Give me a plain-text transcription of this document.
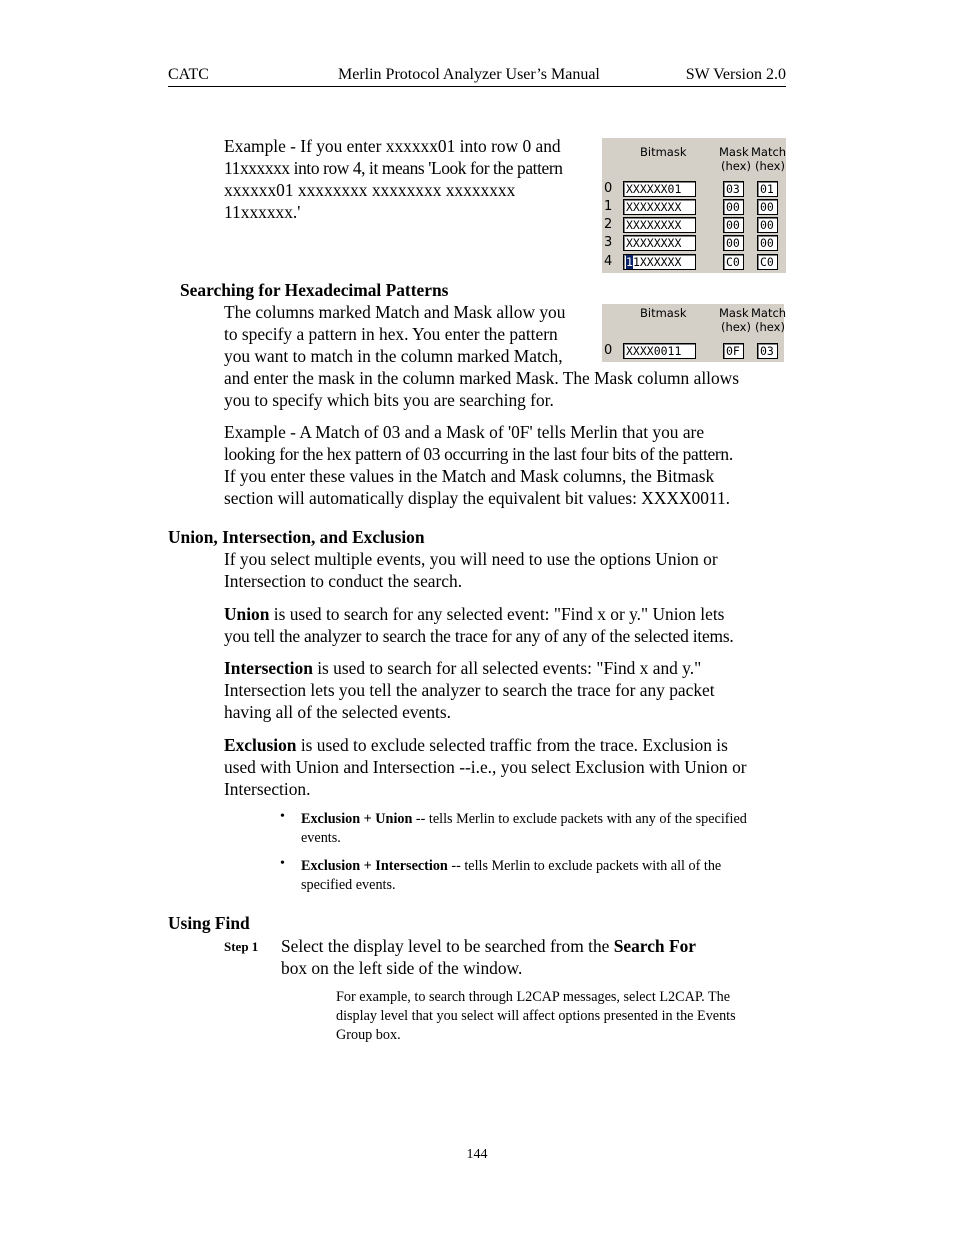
CATC	Merlin Protocol Analyzer User’s Manual	SW Version 2.0

Example - If you enter xxxxxx01 into row 0 and

11xxxxxx into row 4, it means 'Look for the pattern

xxxxxx01 xxxxxxxx xxxxxxxx xxxxxxxx

11xxxxxx.'

Bitmask	Mask
(hex)
Match
(hex)
0 XXXXXX01	03	01
1 XXXXXXXX	00	00
2 XXXXXXXX	00	00
3 XXXXXXXX	00	00
4 11XXXXXX	C0	C0
Searching for Hexadecimal Patterns
Bitmask	Mask
(hex)
Match
(hex)
0 XXXX0011	0F	03

The columns marked Match and Mask allow you

to specify a pattern in hex. You enter the pattern

you want to match in the column marked Match,

and enter the mask in the column marked Mask. The Mask column allows

you to specify which bits you are searching for.

Example - A Match of 03 and a Mask of '0F' tells Merlin that you are

looking for the hex pattern of 03 occurring in the last four bits of the pattern.

If you enter these values in the Match and Mask columns, the Bitmask

section will automatically display the equivalent bit values: XXXX0011.

Union, Intersection, and Exclusion

If you select multiple events, you will need to use the options Union or

Intersection to conduct the search.

Union is used to search for any selected event: "Find x or y." Union lets

you tell the analyzer to search the trace for any of any of the selected items.

Intersection is used to search for all selected events: "Find x and y."

Intersection lets you tell the analyzer to search the trace for any packet

having all of the selected events.

Exclusion is used to exclude selected traffic from the trace. Exclusion is

used with Union and Intersection --i.e., you select Exclusion with Union or

Intersection.

• Exclusion + Union -- tells Merlin to exclude packets with any of the specified

events.

• Exclusion + Intersection -- tells Merlin to exclude packets with all of the

specified events.

Using Find
Step 1 Select the display level to be searched from the Search For

box on the left side of the window.

For example, to search through L2CAP messages, select L2CAP. The

display level that you select will affect options presented in the Events

Group box.

144
